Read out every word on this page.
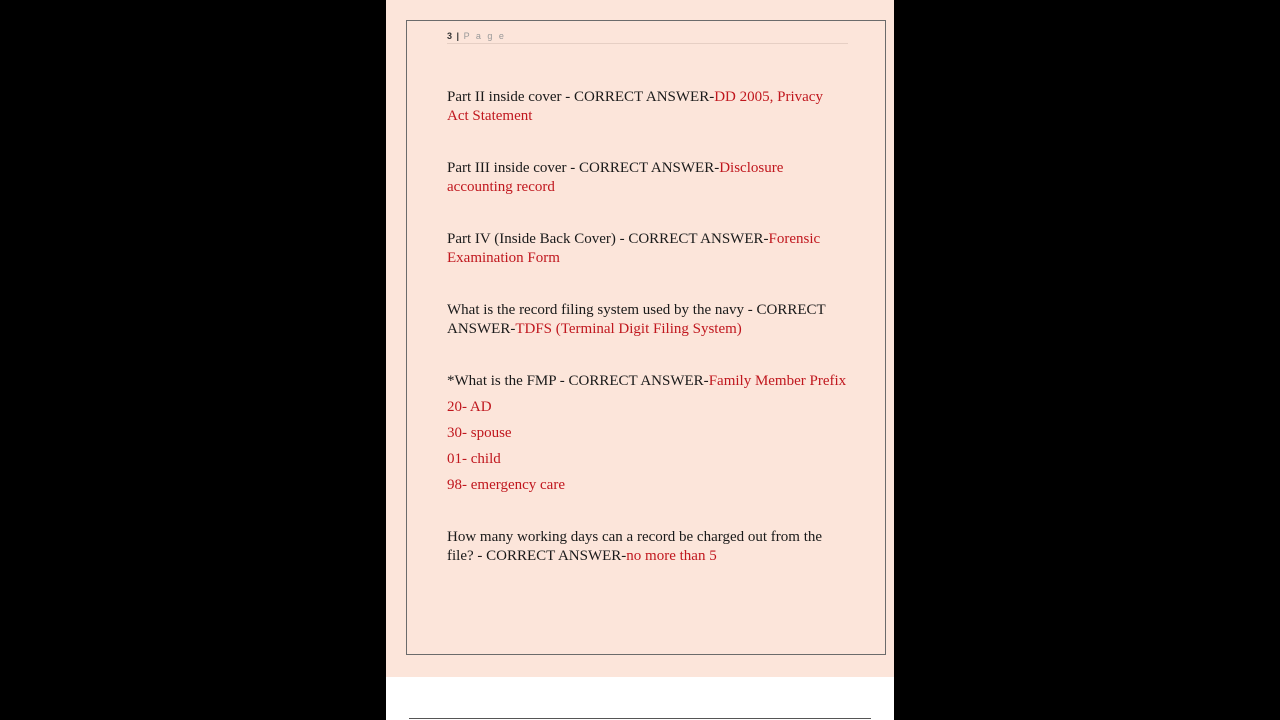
3 | P a g e

Part II inside cover - CORRECT ANSWER-DD 2005, Privacy Act Statement

Part III inside cover - CORRECT ANSWER-Disclosure accounting record

Part IV (Inside Back Cover) - CORRECT ANSWER-Forensic Examination Form

What is the record filing system used by the navy - CORRECT ANSWER-TDFS (Terminal Digit Filing System)

*What is the FMP - CORRECT ANSWER-Family Member Prefix

20- AD

30- spouse

01- child

98- emergency care

How many working days can a record be charged out from the file? - CORRECT ANSWER-no more than 5
